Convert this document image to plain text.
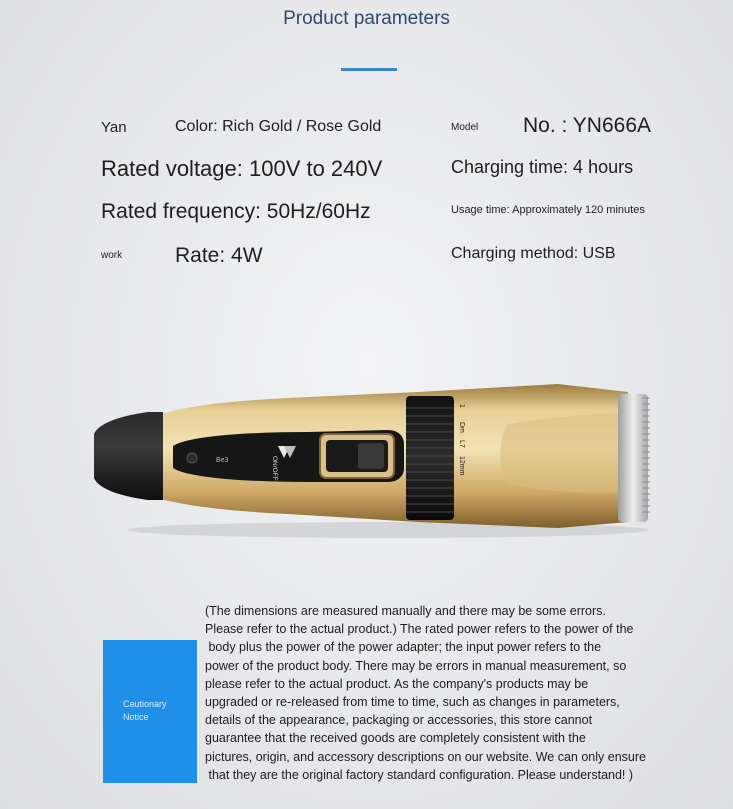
Product parameters
Yan	Color: Rich Gold / Rose Gold	Model No. : YN666A
Rated voltage: 100V to 240V	Charging time: 4 hours
Rated frequency: 50Hz/60Hz	Usage time: Approximately 120 minutes
work	Rate: 4W	Charging method: USB
Be3	ON/OFF
1
Dm
L7
12mm
Cautionary
Notice
(The dimensions are measured manually and there may be some errors.
Please refer to the actual product.) The rated power refers to the power of the
body plus the power of the power adapter; the input power refers to the
power of the product body. There may be errors in manual measurement, so
please refer to the actual product. As the company's products may be
upgraded or re-released from time to time, such as changes in parameters,
details of the appearance, packaging or accessories, this store cannot
guarantee that the received goods are completely consistent with the
pictures, origin, and accessory descriptions on our website. We can only ensure
that they are the original factory standard configuration. Please understand! )
